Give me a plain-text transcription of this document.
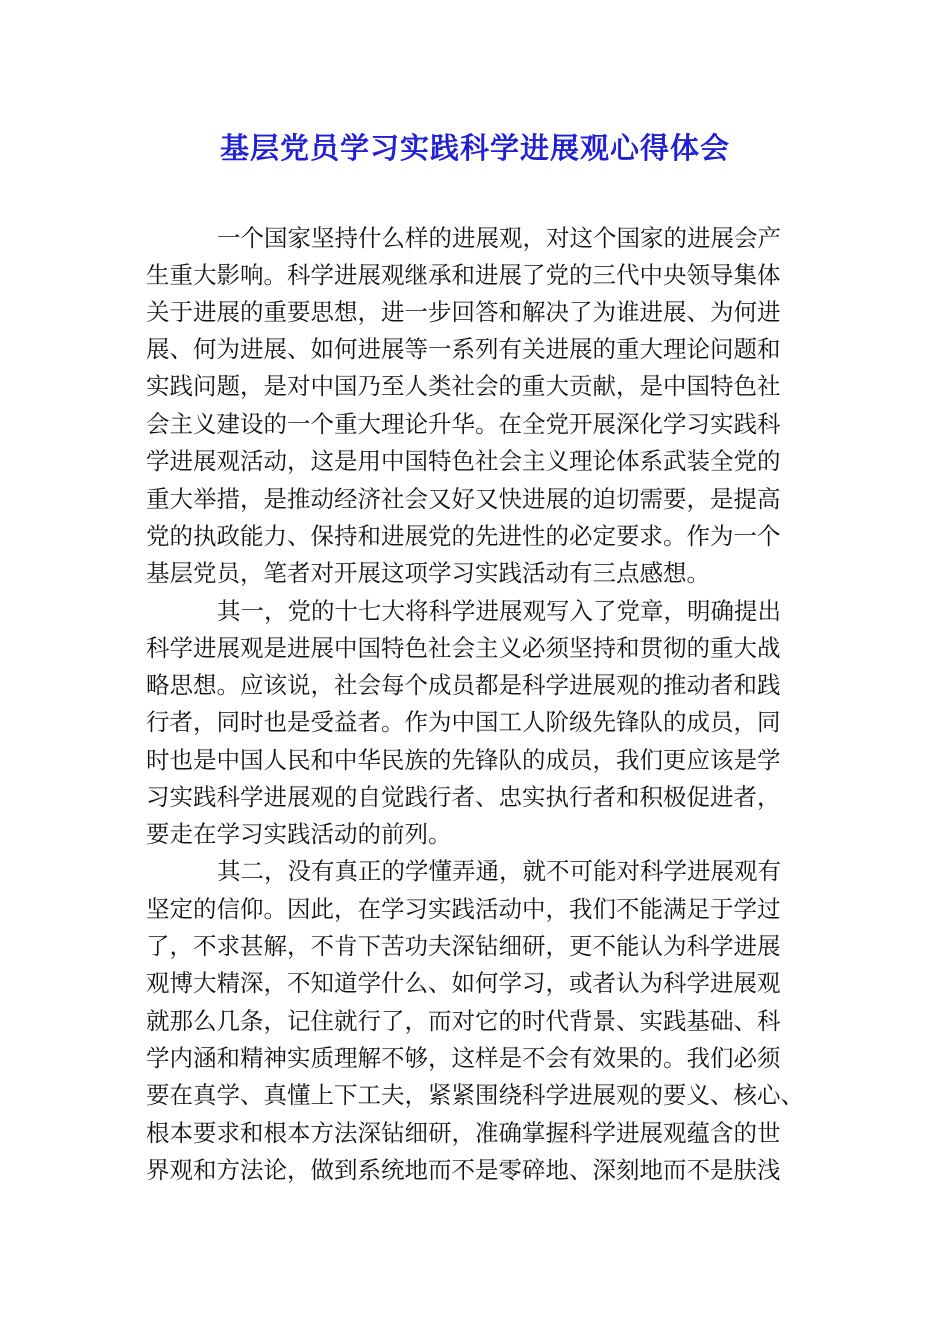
基层党员学习实践科学进展观心得体会
一个国家坚持什么样的进展观，对这个国家的进展会产
生重大影响。科学进展观继承和进展了党的三代中央领导集体
关于进展的重要思想，进一步回答和解决了为谁进展、为何进
展、何为进展、如何进展等一系列有关进展的重大理论问题和
实践问题，是对中国乃至人类社会的重大贡献，是中国特色社
会主义建设的一个重大理论升华。在全党开展深化学习实践科
学进展观活动，这是用中国特色社会主义理论体系武装全党的
重大举措，是推动经济社会又好又快进展的迫切需要，是提高
党的执政能力、保持和进展党的先进性的必定要求。作为一个
基层党员，笔者对开展这项学习实践活动有三点感想。
其一，党的十七大将科学进展观写入了党章，明确提出
科学进展观是进展中国特色社会主义必须坚持和贯彻的重大战
略思想。应该说，社会每个成员都是科学进展观的推动者和践
行者，同时也是受益者。作为中国工人阶级先锋队的成员，同
时也是中国人民和中华民族的先锋队的成员，我们更应该是学
习实践科学进展观的自觉践行者、忠实执行者和积极促进者，
要走在学习实践活动的前列。
其二，没有真正的学懂弄通，就不可能对科学进展观有
坚定的信仰。因此，在学习实践活动中，我们不能满足于学过
了，不求甚解，不肯下苦功夫深钻细研，更不能认为科学进展
观博大精深，不知道学什么、如何学习，或者认为科学进展观
就那么几条，记住就行了，而对它的时代背景、实践基础、科
学内涵和精神实质理解不够，这样是不会有效果的。我们必须
要在真学、真懂上下工夫，紧紧围绕科学进展观的要义、核心、
根本要求和根本方法深钻细研，准确掌握科学进展观蕴含的世
界观和方法论，做到系统地而不是零碎地、深刻地而不是肤浅
